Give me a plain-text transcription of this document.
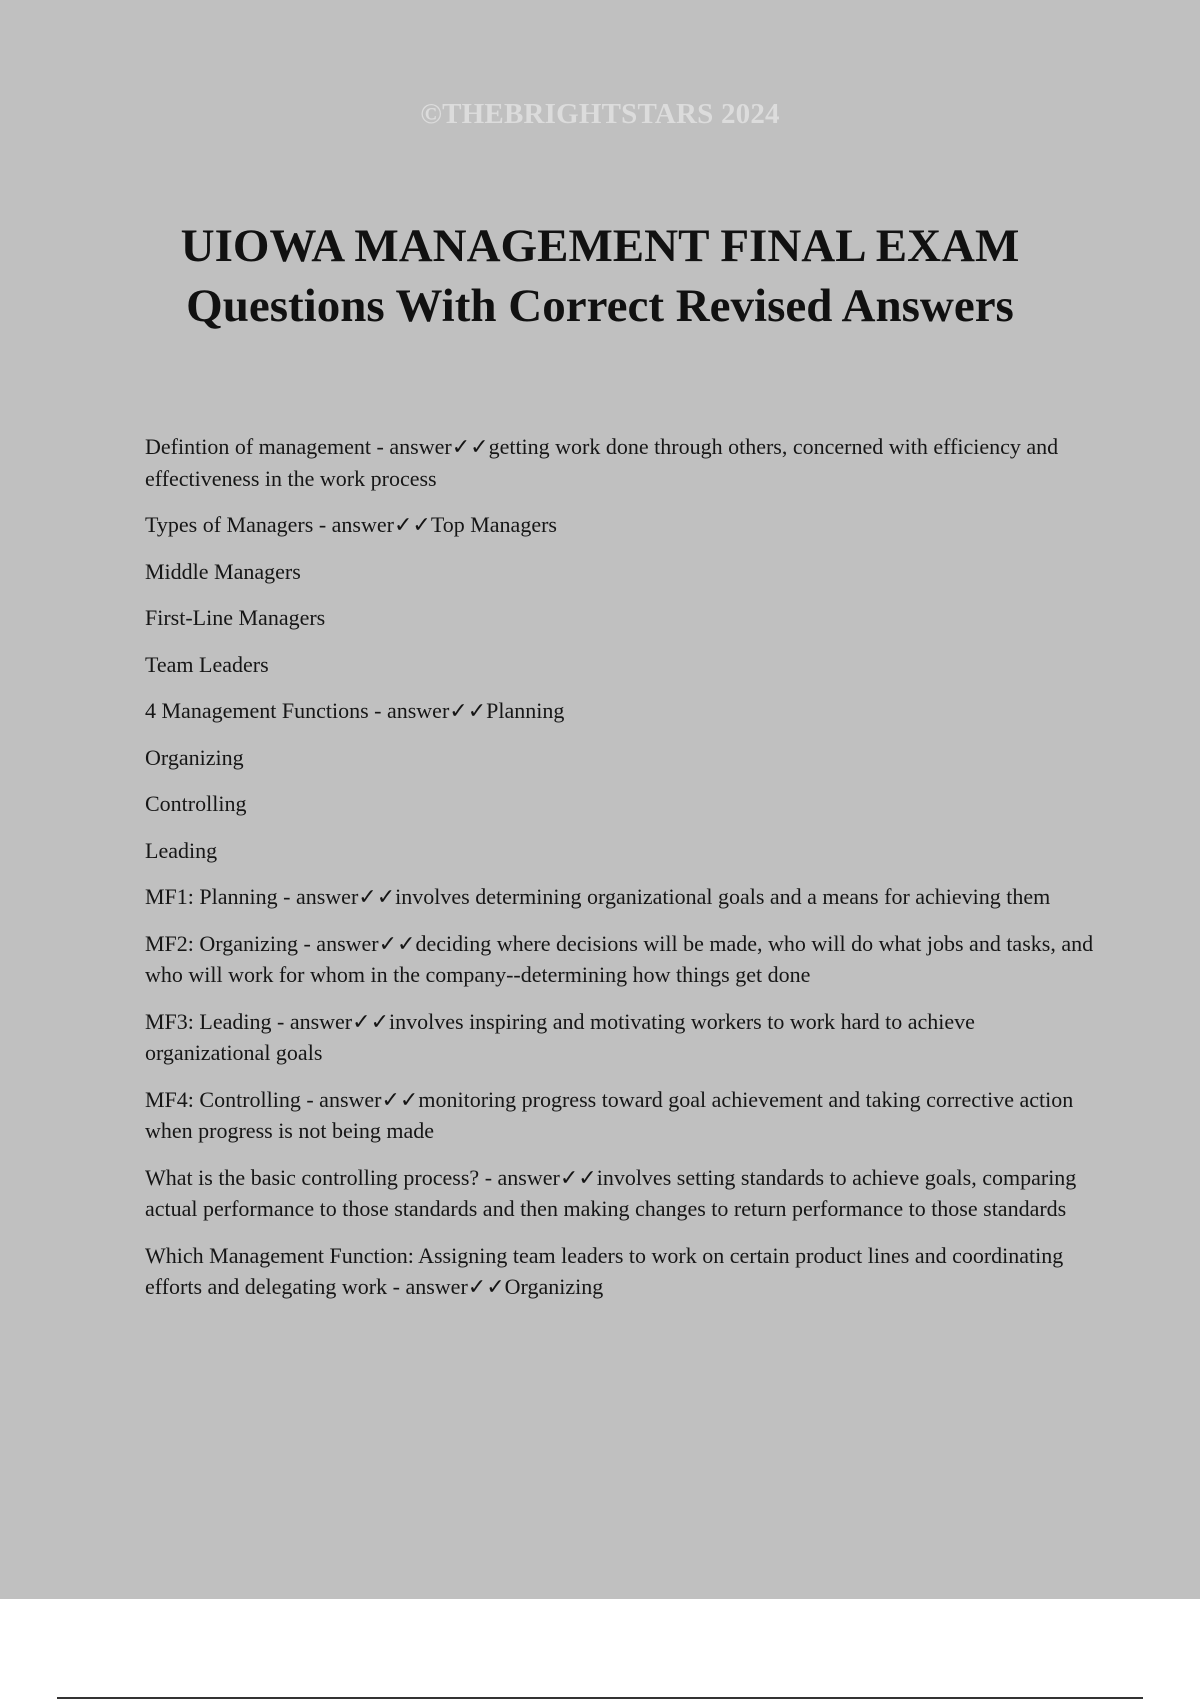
©THEBRIGHTSTARS 2024
UIOWA MANAGEMENT FINAL EXAM
Questions With Correct Revised Answers

Defintion of management - answer✓✓getting work done through others, concerned with efficiency and effectiveness in the work process

Types of Managers - answer✓✓Top Managers

Middle Managers

First-Line Managers

Team Leaders

4 Management Functions - answer✓✓Planning

Organizing

Controlling

Leading

MF1: Planning - answer✓✓involves determining organizational goals and a means for achieving them

MF2: Organizing - answer✓✓deciding where decisions will be made, who will do what jobs and tasks, and who will work for whom in the company--determining how things get done

MF3: Leading - answer✓✓involves inspiring and motivating workers to work hard to achieve organizational goals

MF4: Controlling - answer✓✓monitoring progress toward goal achievement and taking corrective action when progress is not being made

What is the basic controlling process? - answer✓✓involves setting standards to achieve goals, comparing actual performance to those standards and then making changes to return performance to those standards

Which Management Function: Assigning team leaders to work on certain product lines and coordinating efforts and delegating work - answer✓✓Organizing
